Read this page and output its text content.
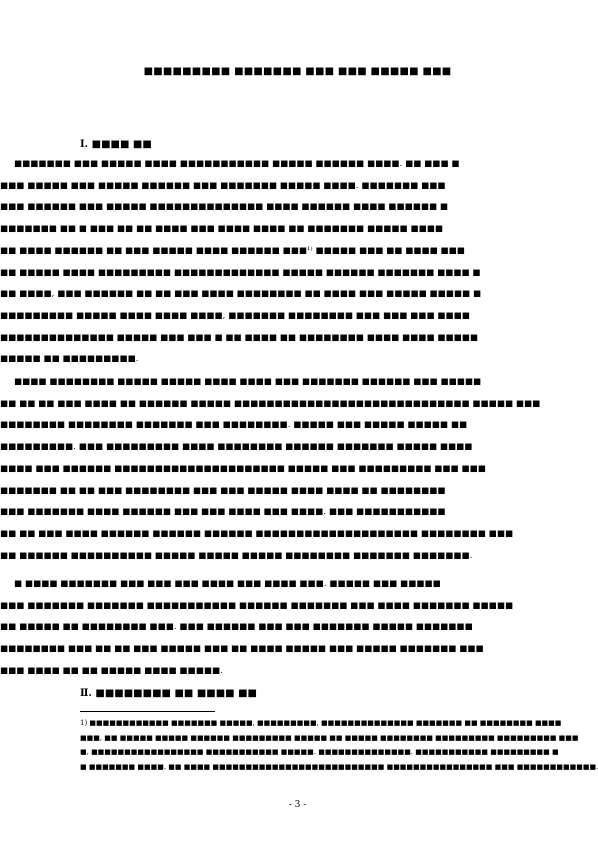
■■■■■■■■■ ■■■■■■■ ■■■ ■■■ ■■■■■ ■■■
Ⅰ. ■■■■ ■■
■■■■■■■ ■■■ ■■■■■ ■■■■ ■■■■■■■■■■■ ■■■■■ ■■■■■■ ■■■■. ■■ ■■■ ■
■■■ ■■■■■ ■■■ ■■■■■ ■■■■■■ ■■■ ■■■■■■■ ■■■■■ ■■■■. ■■■■■■■ ■■■
■■■ ■■■■■■ ■■■ ■■■■■ ■■■■■■■■■■■■■■ ■■■■ ■■■■■■ ■■■■ ■■■■■■ ■
■■■■■■■ ■■ ■ ■■■ ■■ ■■ ■■■■ ■■■ ■■■■ ■■■■ ■■ ■■■■■■■ ■■■■■ ■■■■
■■ ■■■■ ■■■■■■ ■■ ■■■ ■■■■■ ■■■■ ■■■■■■ ■■■¹⁾ ■■■■■ ■■■ ■■ ■■■■ ■■■
■■ ■■■■■ ■■■■ ■■■■■■■■■ ■■■■■■■■■■■■■ ■■■■■ ■■■■■■ ■■■■■■■ ■■■■ ■
■■ ■■■■, ■■■ ■■■■■■ ■■ ■■ ■■■ ■■■■ ■■■■■■■■ ■■ ■■■■ ■■■ ■■■■■ ■■■■■ ■
■■■■■■■■■ ■■■■■ ■■■■ ■■■■ ■■■■, ■■■■■■■ ■■■■■■■■ ■■■ ■■■ ■■■ ■■■■
■■■■■■■■■■■■■■ ■■■■■ ■■■ ■■■ ■ ■■ ■■■■ ■■ ■■■■■■■■ ■■■■ ■■■■ ■■■■■
■■■■■ ■■ ■■■■■■■■■.
■■■■ ■■■■■■■■ ■■■■■ ■■■■■ ■■■■ ■■■■ ■■■ ■■■■■■■ ■■■■■■ ■■■ ■■■■■
■■ ■■ ■■ ■■■ ■■■■ ■■ ■■■■■■ ■■■■■ ■■■■■■■■■■■■■■■■■■■■■■■■■■■■■ ■■■■■ ■■■
■■■■■■■■ ■■■■■■■■ ■■■■■■■ ■■■ ■■■■■■■■. ■■■■■ ■■■ ■■■■■ ■■■■■ ■■
■■■■■■■■■. ■■■ ■■■■■■■■■ ■■■■ ■■■■■■■■ ■■■■■■ ■■■■■■■ ■■■■■ ■■■■
■■■■ ■■■ ■■■■■■ ■■■■■■■■■■■■■■■■■■■■■ ■■■■■ ■■■ ■■■■■■■■■ ■■■ ■■■
■■■■■■■ ■■ ■■ ■■■ ■■■■■■■■ ■■■ ■■■ ■■■■■ ■■■■ ■■■■ ■■ ■■■■■■■■
■■■ ■■■■■■■ ■■■■ ■■■■■■ ■■■ ■■■ ■■■■ ■■■ ■■■■. ■■■ ■■■■■■■■■■■
■■ ■■ ■■■ ■■■■ ■■■■■■ ■■■■■■ ■■■■■■ ■■■■■■■■■■■■■■■■■■■■ ■■■■■■■■ ■■■
■■ ■■■■■■ ■■■■■■■■■■ ■■■■■ ■■■■■ ■■■■■ ■■■■■■■■ ■■■■■■■ ■■■■■■■.
■ ■■■■ ■■■■■■■ ■■■ ■■■ ■■■ ■■■■ ■■■ ■■■■ ■■■. ■■■■■ ■■■ ■■■■■
■■■ ■■■■■■■ ■■■■■■■ ■■■■■■■■■■■ ■■■■■■ ■■■■■■■ ■■■ ■■■■ ■■■■■■■ ■■■■■
■■ ■■■■■ ■■ ■■■■■■■■ ■■■. ■■■ ■■■■■■ ■■■ ■■■ ■■■■■■■ ■■■■■ ■■■■■■■
■■■■■■■■ ■■■ ■■ ■■ ■■■ ■■■■■ ■■■ ■■ ■■■■ ■■■■■ ■■■ ■■■■■ ■■■■■■■ ■■■
■■■ ■■■■ ■■ ■■ ■■■■■ ■■■■ ■■■■■.
Ⅱ. ■■■■■■■■ ■■ ■■■■ ■■
1) ■■■■■■■■■■■■ ■■■■■■■ ■■■■■, ■■■■■■■■■, ■■■■■■■■■■■■■■ ■■■■■■■ ■■ ■■■■■■■■ ■■■■
■■■, ■■ ■■■■■ ■■■■■ ■■■■■■ ■■■■■■■■■ ■■■■■ ■■ ■■■■■ ■■■■■■■■ ■■■■■■■■■ ■■■■■■■■■ ■■■
■, ■■■■■■■■■■■■■■■■■ ■■■■■■■■■■■ ■■■■■. ■■■■■■■■■■■■■■. ■■■■■■■■■■■ ■■■■■■■■■ ■
■ ■■■■■■■ ■■■■. ■■ ■■■■ ■■■■■■■■■■■■■■■■■■■■■■■■■■ ■■■■■■■■■■■■■■■■ ■■■ ■■■■■■■■■■■■.
- 3 -
